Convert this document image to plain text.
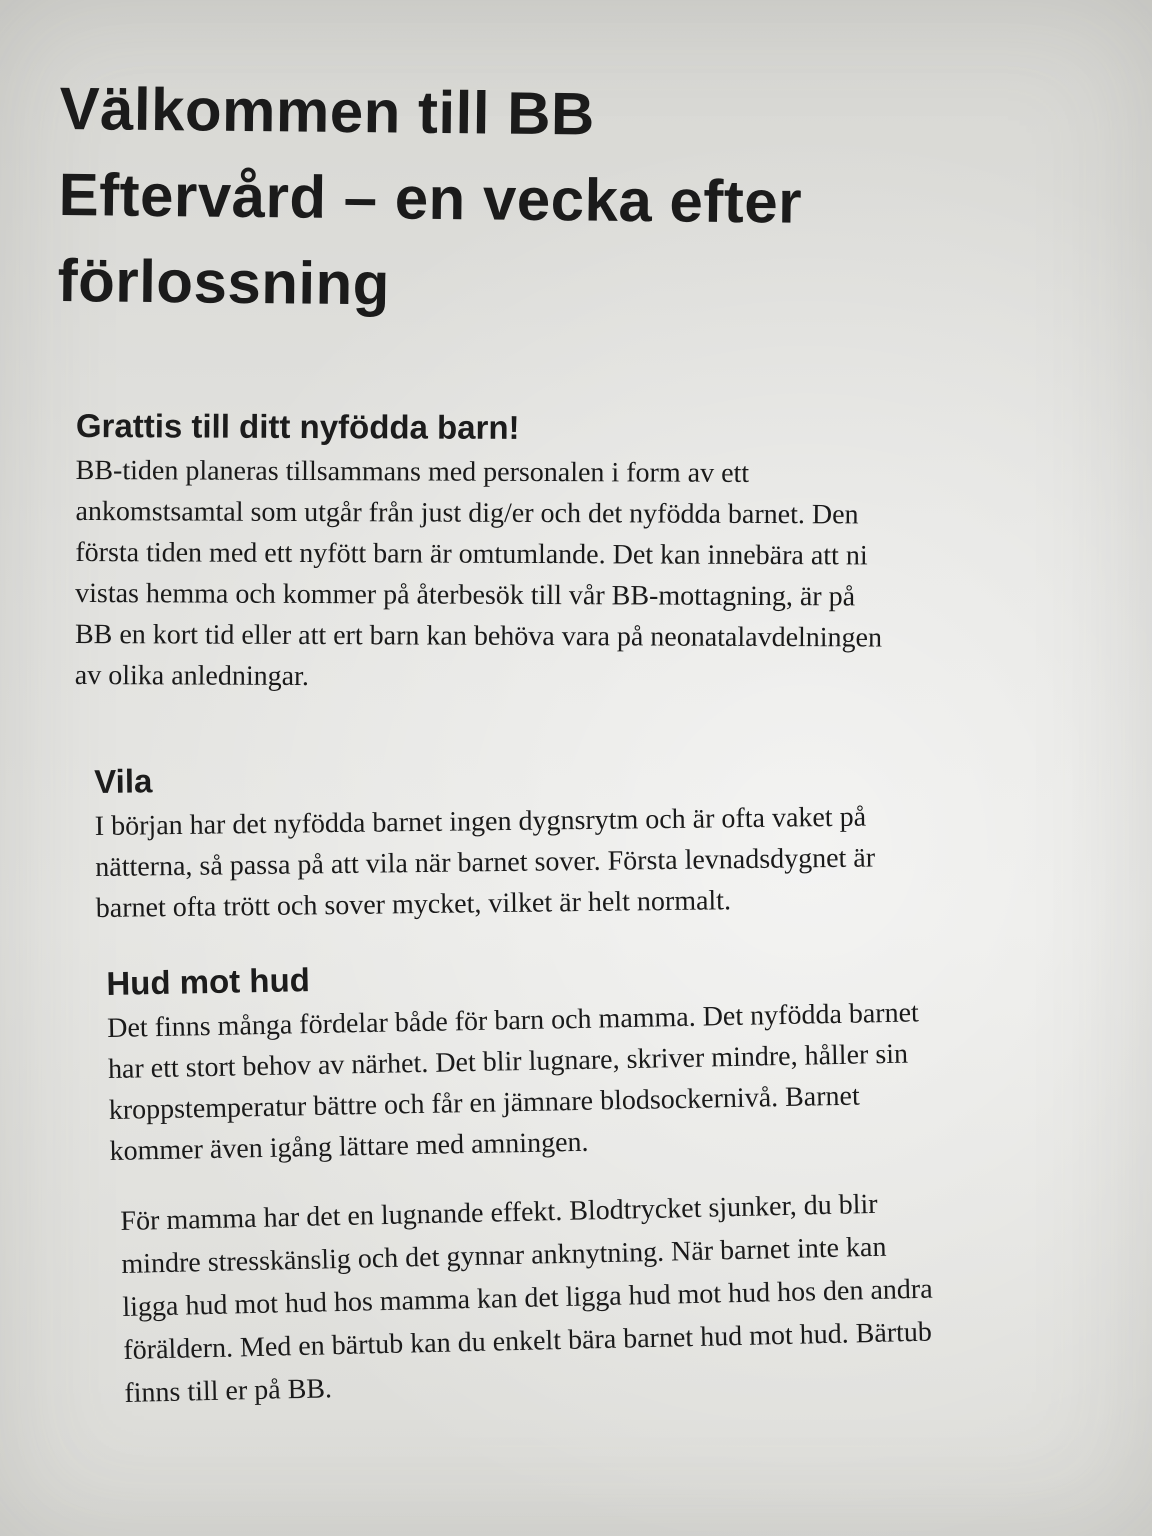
Välkommen till BB
Eftervård – en vecka efter
förlossning
Grattis till ditt nyfödda barn!

BB-tiden planeras tillsammans med personalen i form av ett
ankomstsamtal som utgår från just dig/er och det nyfödda barnet. Den
första tiden med ett nyfött barn är omtumlande. Det kan innebära att ni
vistas hemma och kommer på återbesök till vår BB-mottagning, är på
BB en kort tid eller att ert barn kan behöva vara på neonatalavdelningen
av olika anledningar.

Vila

I början har det nyfödda barnet ingen dygnsrytm och är ofta vaket på
nätterna, så passa på att vila när barnet sover. Första levnadsdygnet är
barnet ofta trött och sover mycket, vilket är helt normalt.

Hud mot hud

Det finns många fördelar både för barn och mamma. Det nyfödda barnet
har ett stort behov av närhet. Det blir lugnare, skriver mindre, håller sin
kroppstemperatur bättre och får en jämnare blodsockernivå. Barnet
kommer även igång lättare med amningen.

För mamma har det en lugnande effekt. Blodtrycket sjunker, du blir
mindre stresskänslig och det gynnar anknytning. När barnet inte kan
ligga hud mot hud hos mamma kan det ligga hud mot hud hos den andra
föräldern. Med en bärtub kan du enkelt bära barnet hud mot hud. Bärtub
finns till er på BB.
